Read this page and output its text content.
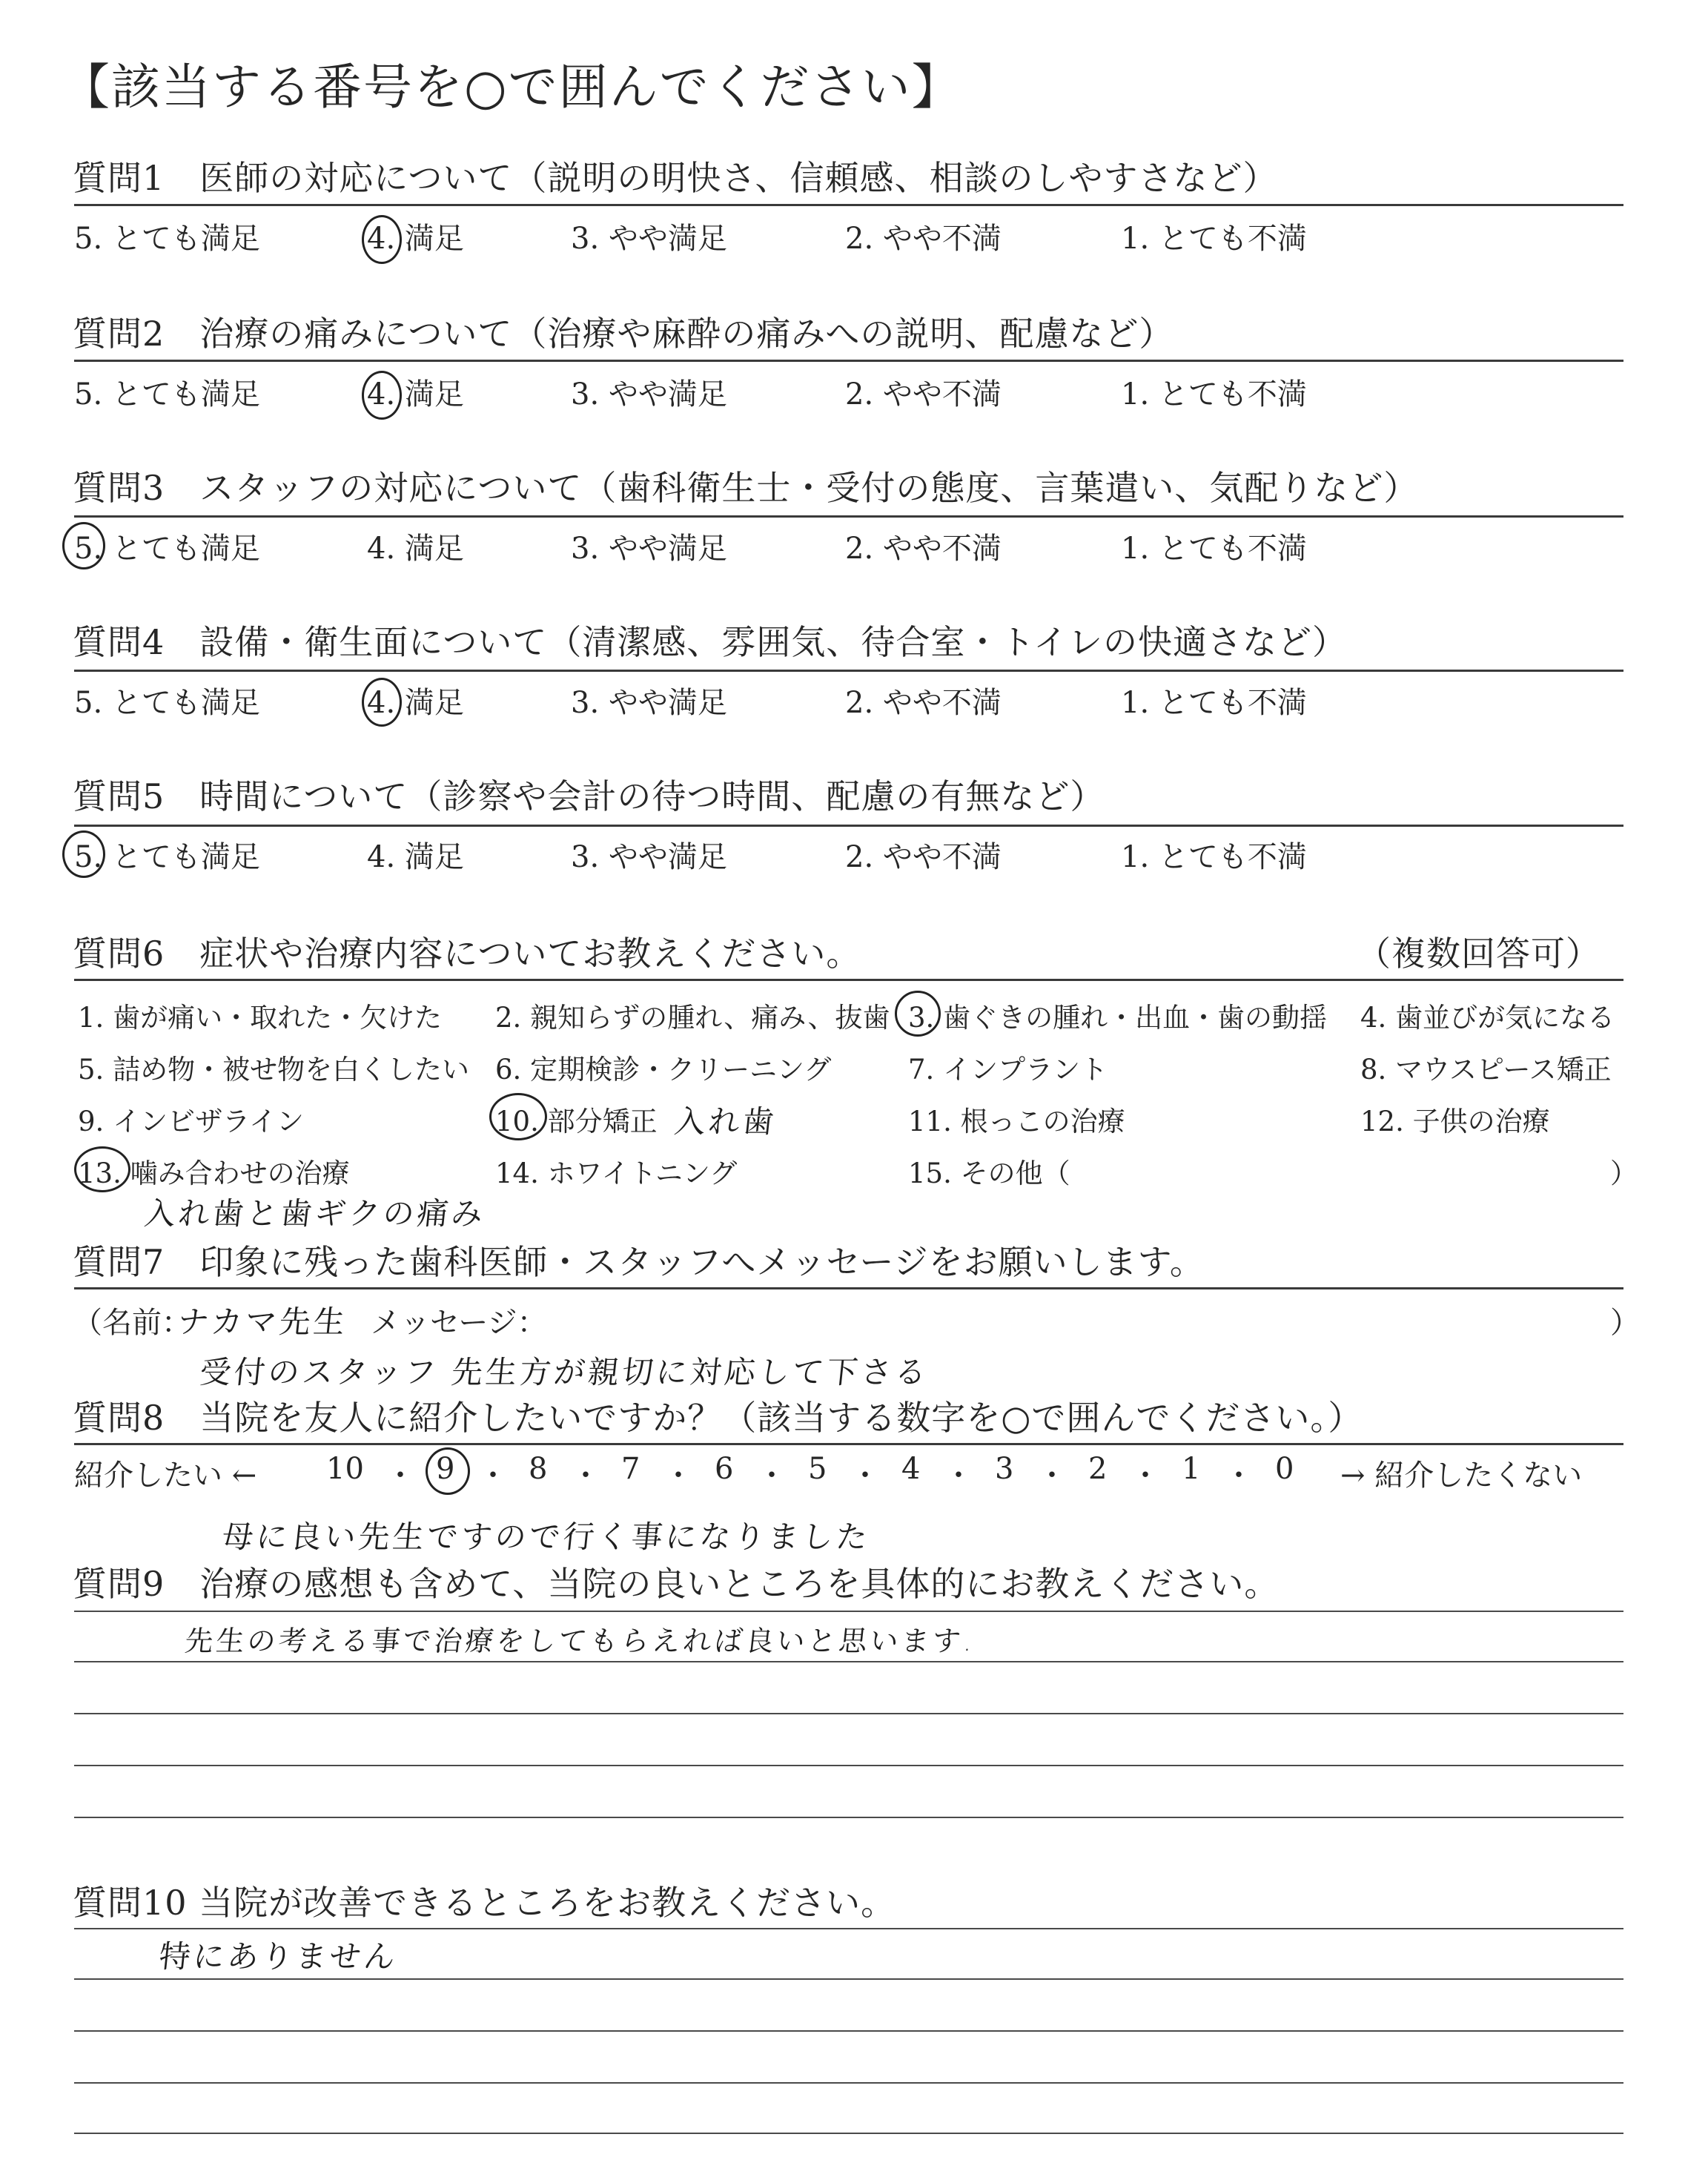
【該当する番号を○で囲んでください】
質問1　医師の対応について（説明の明快さ、信頼感、相談のしやすさなど）
5. とても満足	4. 満足	3. やや満足	2. やや不満	1. とても不満
質問2　治療の痛みについて（治療や麻酔の痛みへの説明、配慮など）
5. とても満足	4. 満足	3. やや満足	2. やや不満	1. とても不満
質問3　スタッフの対応について（歯科衛生士・受付の態度、言葉遣い、気配りなど）
5. とても満足	4. 満足	3. やや満足	2. やや不満	1. とても不満
質問4　設備・衛生面について（清潔感、雰囲気、待合室・トイレの快適さなど）
5. とても満足	4. 満足	3. やや満足	2. やや不満	1. とても不満
質問5　時間について（診察や会計の待つ時間、配慮の有無など）
5. とても満足	4. 満足	3. やや満足	2. やや不満	1. とても不満
質問6　症状や治療内容についてお教えください。	（複数回答可）
1. 歯が痛い・取れた・欠けた 2. 親知らずの腫れ、痛み、抜歯 3. 歯ぐきの腫れ・出血・歯の動揺 4. 歯並びが気になる
5. 詰め物・被せ物を白くしたい 6. 定期検診・クリーニング	7. インプラント	8. マウスピース矯正
9. インビザライン	10. 部分矯正	11. 根っこの治療	12. 子供の治療
13. 噛み合わせの治療	14. ホワイトニング	15. その他（	）
入れ歯
入れ歯と歯ギクの痛み
質問7　印象に残った歯科医師・スタッフへメッセージをお願いします。
（名前：
ナカマ先生 メッセージ：	）
受付のスタッフ 先生方が親切に対応して下さる
質問8　当院を友人に紹介したいですか？（該当する数字を○で囲んでください。）
紹介したい ← 10 ・ 9 ・ 8 ・ 7 ・ 6 ・ 5 ・ 4 ・ 3 ・ 2 ・ 1 ・ 0 → 紹介したくない
母に良い先生ですので行く事になりました
質問9　治療の感想も含めて、当院の良いところを具体的にお教えください。
先生の考える事で治療をしてもらえれば良いと思います.
質問10 当院が改善できるところをお教えください。
特にありません
